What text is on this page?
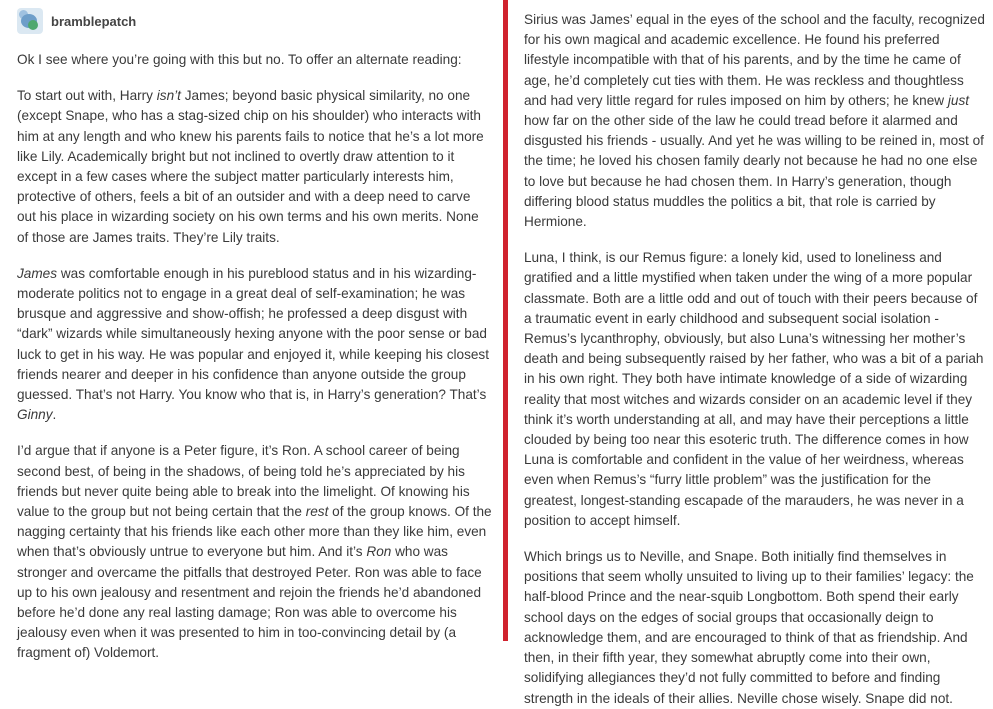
bramblepatch

Ok I see where you’re going with this but no. To offer an alternate reading:

To start out with, Harry isn’t James; beyond basic physical similarity, no one (except Snape, who has a stag-sized chip on his shoulder) who interacts with him at any length and who knew his parents fails to notice that he’s a lot more like Lily. Academically bright but not inclined to overtly draw attention to it except in a few cases where the subject matter particularly interests him, protective of others, feels a bit of an outsider and with a deep need to carve out his place in wizarding society on his own terms and his own merits. None of those are James traits. They’re Lily traits.

James was comfortable enough in his pureblood status and in his wizarding-moderate politics not to engage in a great deal of self-examination; he was brusque and aggressive and show-offish; he professed a deep disgust with “dark” wizards while simultaneously hexing anyone with the poor sense or bad luck to get in his way. He was popular and enjoyed it, while keeping his closest friends nearer and deeper in his confidence than anyone outside the group guessed. That’s not Harry. You know who that is, in Harry’s generation? That’s Ginny.

I’d argue that if anyone is a Peter figure, it’s Ron. A school career of being second best, of being in the shadows, of being told he’s appreciated by his friends but never quite being able to break into the limelight. Of knowing his value to the group but not being certain that the rest of the group knows. Of the nagging certainty that his friends like each other more than they like him, even when that’s obviously untrue to everyone but him. And it’s Ron who was stronger and overcame the pitfalls that destroyed Peter. Ron was able to face up to his own jealousy and resentment and rejoin the friends he’d abandoned before he’d done any real lasting damage; Ron was able to overcome his jealousy even when it was presented to him in too-convincing detail by (a fragment of) Voldemort.

Sirius was James’ equal in the eyes of the school and the faculty, recognized for his own magical and academic excellence. He found his preferred lifestyle incompatible with that of his parents, and by the time he came of age, he’d completely cut ties with them. He was reckless and thoughtless and had very little regard for rules imposed on him by others; he knew just how far on the other side of the law he could tread before it alarmed and disgusted his friends - usually. And yet he was willing to be reined in, most of the time; he loved his chosen family dearly not because he had no one else to love but because he had chosen them. In Harry’s generation, though differing blood status muddles the politics a bit, that role is carried by Hermione.

Luna, I think, is our Remus figure: a lonely kid, used to loneliness and gratified and a little mystified when taken under the wing of a more popular classmate. Both are a little odd and out of touch with their peers because of a traumatic event in early childhood and subsequent social isolation - Remus’s lycanthrophy, obviously, but also Luna’s witnessing her mother’s death and being subsequently raised by her father, who was a bit of a pariah in his own right. They both have intimate knowledge of a side of wizarding reality that most witches and wizards consider on an academic level if they think it’s worth understanding at all, and may have their perceptions a little clouded by being too near this esoteric truth. The difference comes in how Luna is comfortable and confident in the value of her weirdness, whereas even when Remus’s “furry little problem” was the justification for the greatest, longest-standing escapade of the marauders, he was never in a position to accept himself.

Which brings us to Neville, and Snape. Both initially find themselves in positions that seem wholly unsuited to living up to their families’ legacy: the half-blood Prince and the near-squib Longbottom. Both spend their early school days on the edges of social groups that occasionally deign to acknowledge them, and are encouraged to think of that as friendship. And then, in their fifth year, they somewhat abruptly come into their own, solidifying allegiances they’d not fully committed to before and finding strength in the ideals of their allies. Neville chose wisely. Snape did not.
